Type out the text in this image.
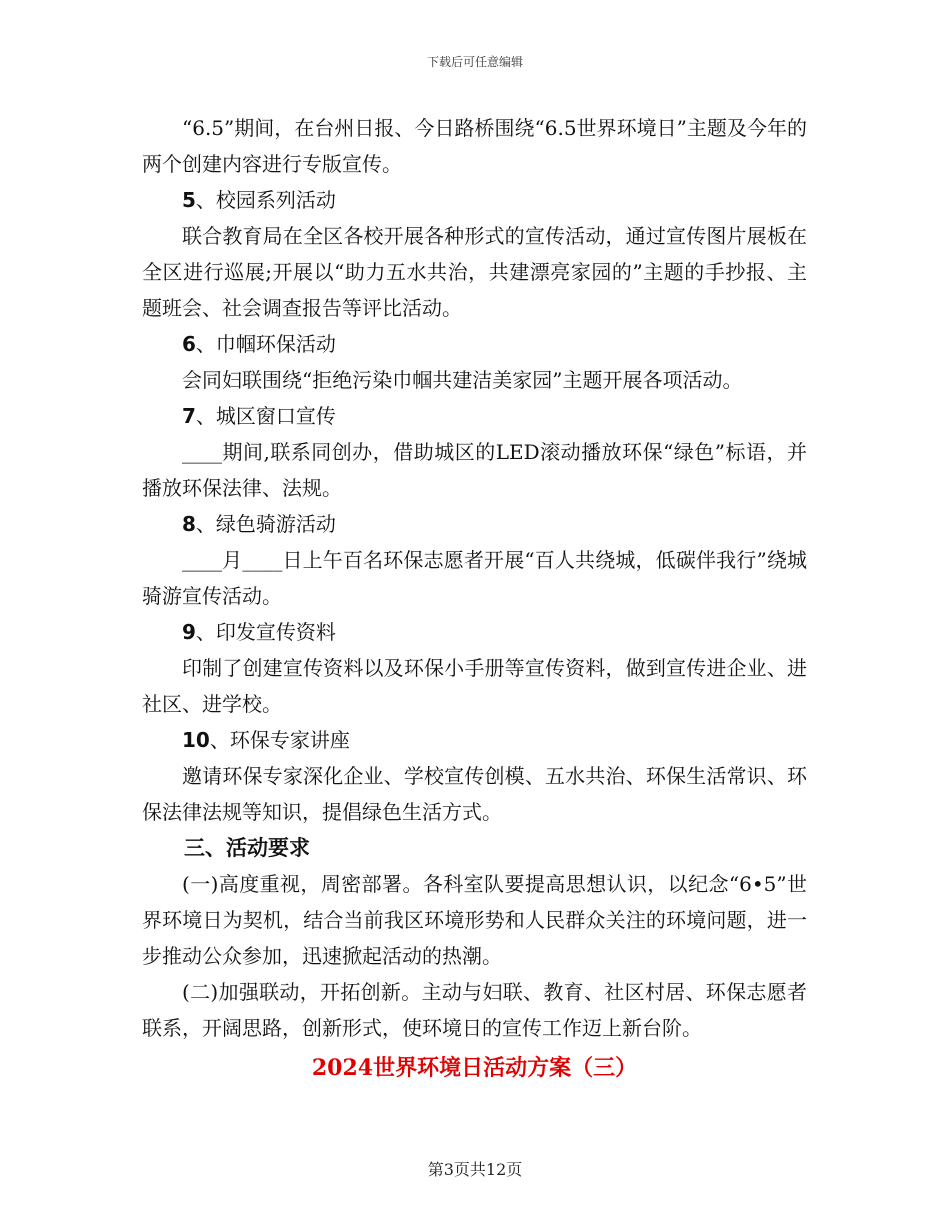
下载后可任意编辑

“6.5”期间，在台州日报、今日路桥围绕“6.5世界环境日”主题及今年的两个创建内容进行专版宣传。

5、校园系列活动

联合教育局在全区各校开展各种形式的宣传活动，通过宣传图片展板在全区进行巡展;开展以“助力五水共治，共建漂亮家园的”主题的手抄报、主题班会、社会调查报告等评比活动。

6、巾帼环保活动

会同妇联围绕“拒绝污染巾帼共建洁美家园”主题开展各项活动。

7、城区窗口宣传

____期间,联系同创办，借助城区的LED滚动播放环保“绿色”标语，并播放环保法律、法规。

8、绿色骑游活动

____月____日上午百名环保志愿者开展“百人共绕城，低碳伴我行”绕城骑游宣传活动。

9、印发宣传资料

印制了创建宣传资料以及环保小手册等宣传资料，做到宣传进企业、进社区、进学校。

10、环保专家讲座

邀请环保专家深化企业、学校宣传创模、五水共治、环保生活常识、环保法律法规等知识，提倡绿色生活方式。

三、活动要求

(一)高度重视，周密部署。各科室队要提高思想认识，以纪念“6•5”世界环境日为契机，结合当前我区环境形势和人民群众关注的环境问题，进一步推动公众参加，迅速掀起活动的热潮。

(二)加强联动，开拓创新。主动与妇联、教育、社区村居、环保志愿者联系，开阔思路，创新形式，使环境日的宣传工作迈上新台阶。

2024世界环境日活动方案（三）

第3页共12页
